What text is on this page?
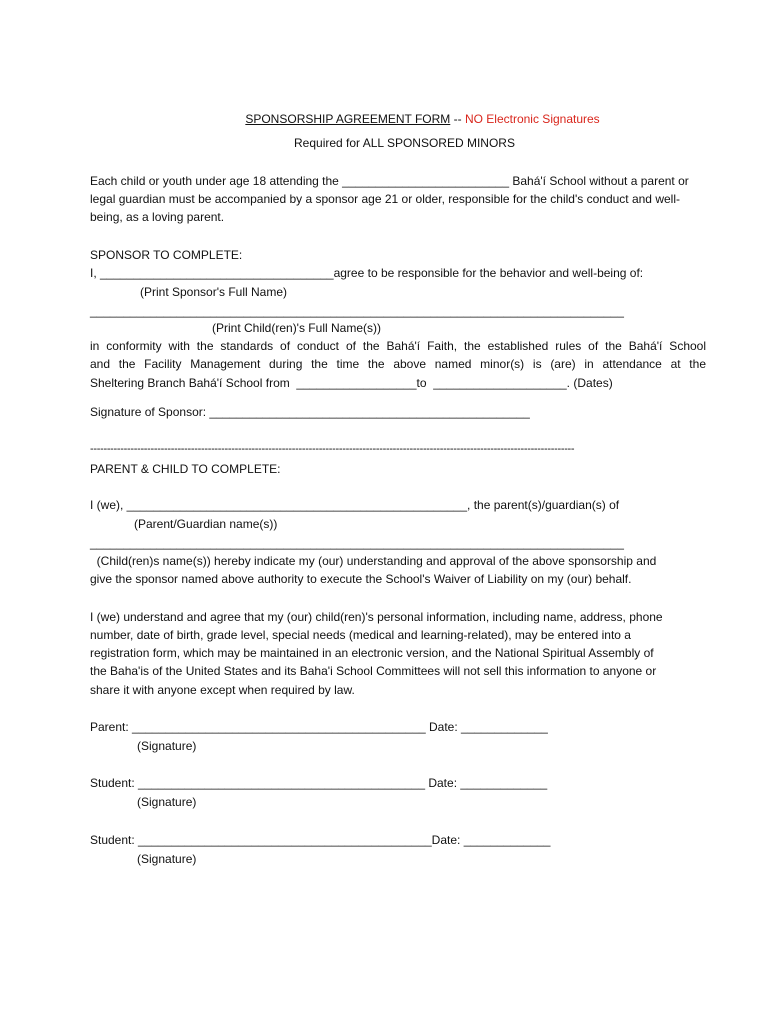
SPONSORSHIP AGREEMENT FORM -- NO Electronic Signatures

Required for ALL SPONSORED MINORS
Each child or youth under age 18 attending the _________________________ Bahá'í School without a parent or
legal guardian must be accompanied by a sponsor age 21 or older, responsible for the child's conduct and well-
being, as a loving parent.
SPONSOR TO COMPLETE:
I, ___________________________________agree to be responsible for the behavior and well-being of:
(Print Sponsor's Full Name)
________________________________________________________________________________
(Print Child(ren)'s Full Name(s))
in conformity with the standards of conduct of the Bahá'í Faith, the established rules of the Bahá'í School
and the Facility Management during the time the above named minor(s) is (are) in attendance at the
Sheltering Branch Bahá'í School from  __________________to  ____________________. (Dates)
Signature of Sponsor: ________________________________________________
------------------------------------------------------------------------------------------------------------------------------------------------
PARENT & CHILD TO COMPLETE:
I (we), ___________________________________________________, the parent(s)/guardian(s) of
(Parent/Guardian name(s))
________________________________________________________________________________
(Child(ren)s name(s)) hereby indicate my (our) understanding and approval of the above sponsorship and
give the sponsor named above authority to execute the School's Waiver of Liability on my (our) behalf.
I (we) understand and agree that my (our) child(ren)'s personal information, including name, address, phone
number, date of birth, grade level, special needs (medical and learning-related), may be entered into a
registration form, which may be maintained in an electronic version, and the National Spiritual Assembly of
the Baha'is of the United States and its Baha'i School Committees will not sell this information to anyone or
share it with anyone except when required by law.
Parent: ____________________________________________ Date: _____________
(Signature)
Student: ___________________________________________ Date: _____________
(Signature)
Student: ____________________________________________Date: _____________
(Signature)
